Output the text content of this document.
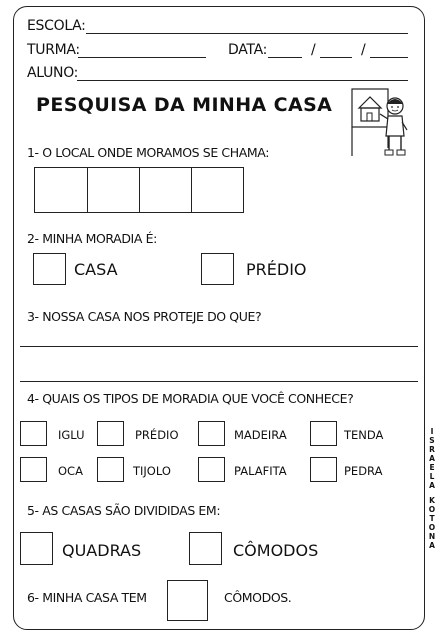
ESCOLA:
TURMA:	DATA:	/	/
ALUNO:
PESQUISA DA MINHA CASA
1- O LOCAL ONDE MORAMOS SE CHAMA:
2- MINHA MORADIA É:
CASA	PRÉDIO
3- NOSSA CASA NOS PROTEJE DO QUE?
4- QUAIS OS TIPOS DE MORADIA QUE VOCÊ CONHECE?
IGLU	PRÉDIO	MADEIRA	TENDA
OCA	TIJOLO	PALAFITA	PEDRA
5- AS CASAS SÃO DIVIDIDAS EM:
QUADRAS	CÔMODOS
6- MINHA CASA TEM	CÔMODOS.
I
S
R
A
E
L
A
K
O
T
O
N
A
